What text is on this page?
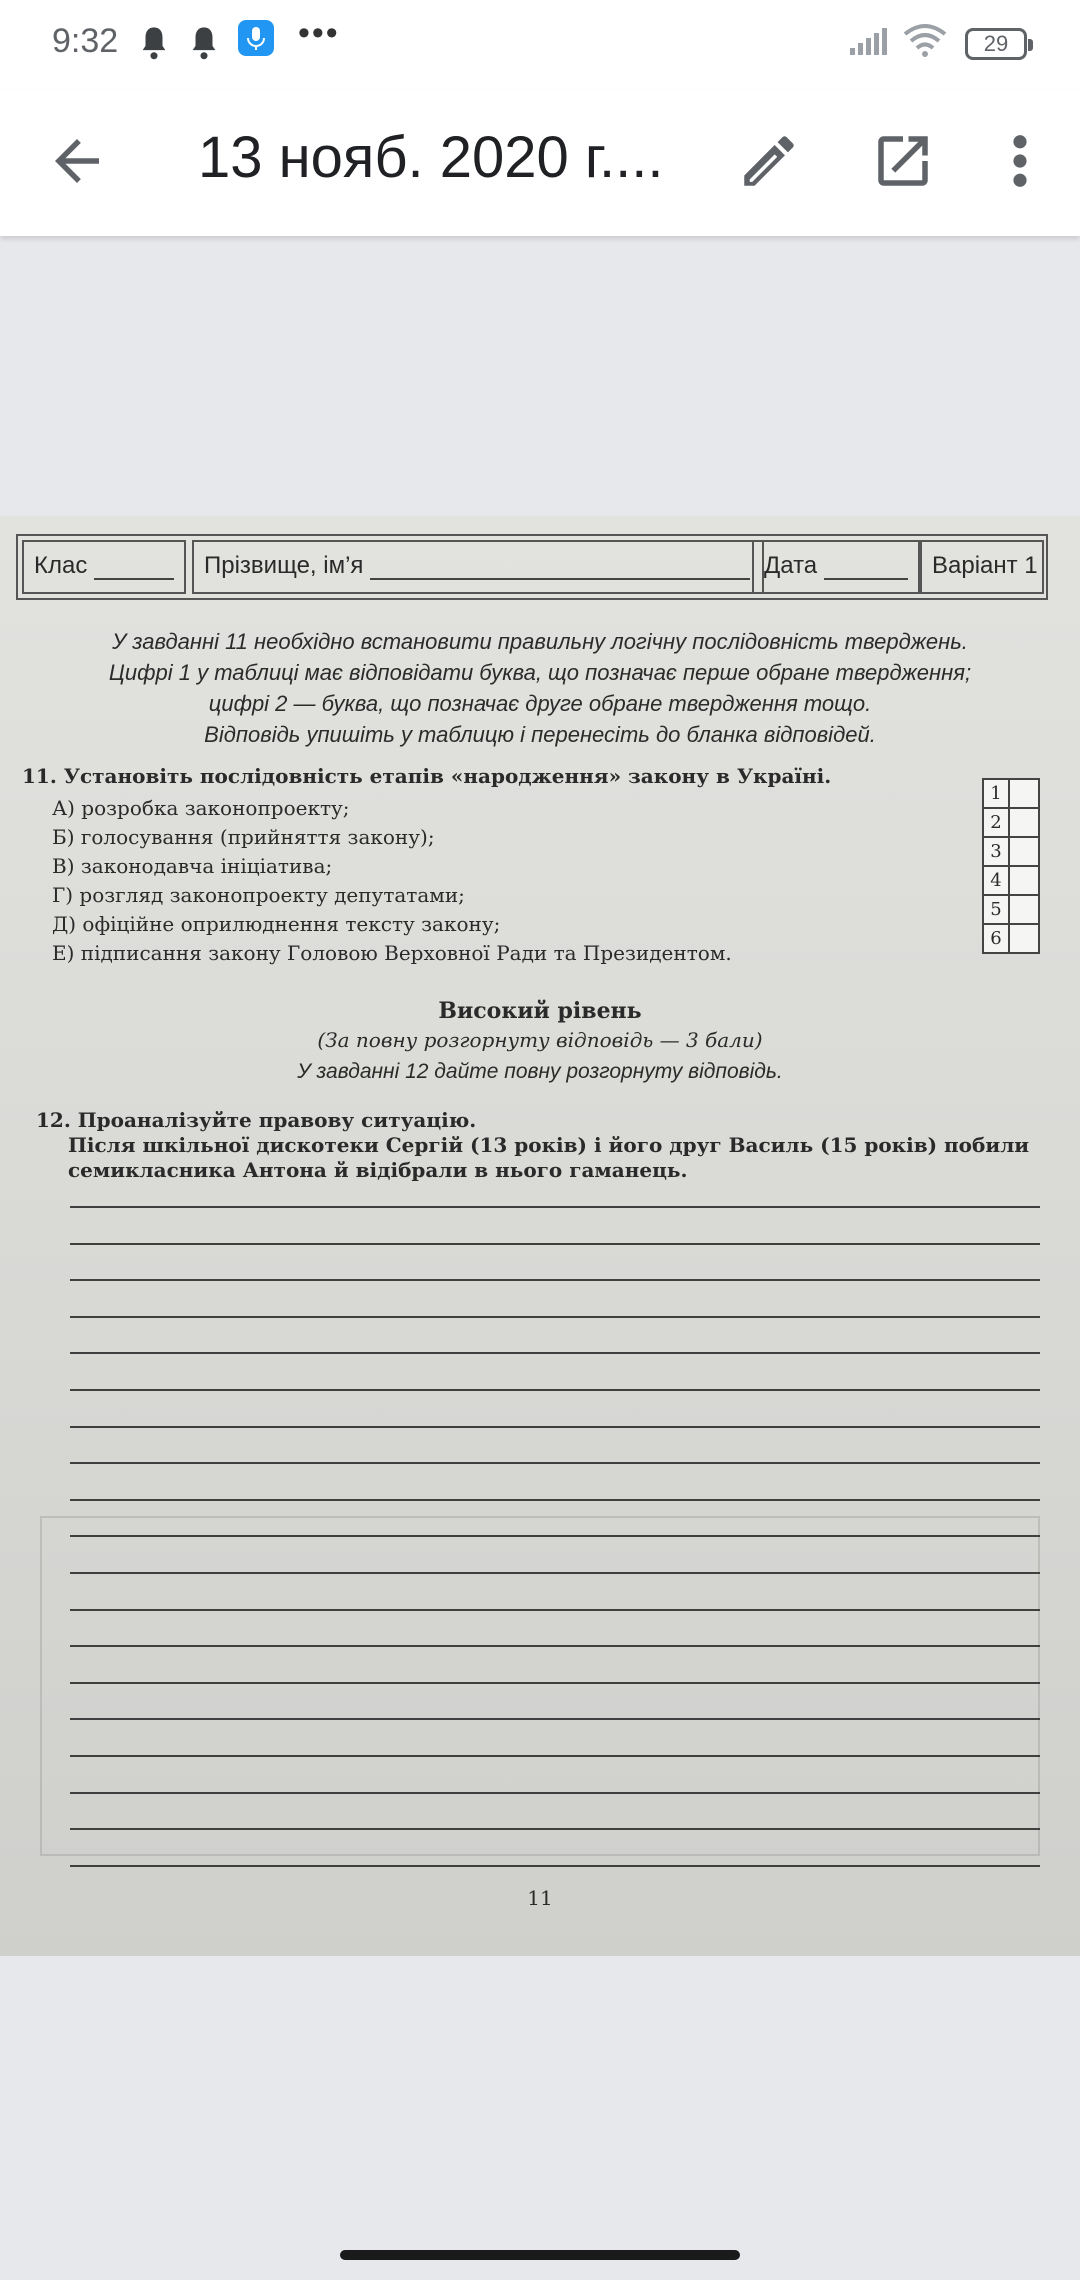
9:32	•••	29
13 нояб. 2020 г....
Клас	Прізвище, ім’я	Дата	Варіант 1
У завданні 11 необхідно встановити правильну логічну послідовність тверджень.
Цифрі 1 у таблиці має відповідати буква, що позначає перше обране твердження;
цифрі 2 — буква, що позначає друге обране твердження тощо.
Відповідь упишіть у таблицю і перенесіть до бланка відповідей.
11. Установіть послідовність етапів «народження» закону в Україні.
А) розробка законопроекту;
Б) голосування (прийняття закону);
В) законодавча ініціатива;
Г) розгляд законопроекту депутатами;
Д) офіційне оприлюднення тексту закону;
Е) підписання закону Головою Верховної Ради та Президентом.
1	
2	
3	
4	
5	
6	
Високий рівень
(За повну розгорнуту відповідь — 3 бали)
У завданні 12 дайте повну розгорнуту відповідь.
12. Проаналізуйте правову ситуацію.
Після шкільної дискотеки Сергій (13 років) і його друг Василь (15 років) побили семикласника Антона й відібрали в нього гаманець.
11
